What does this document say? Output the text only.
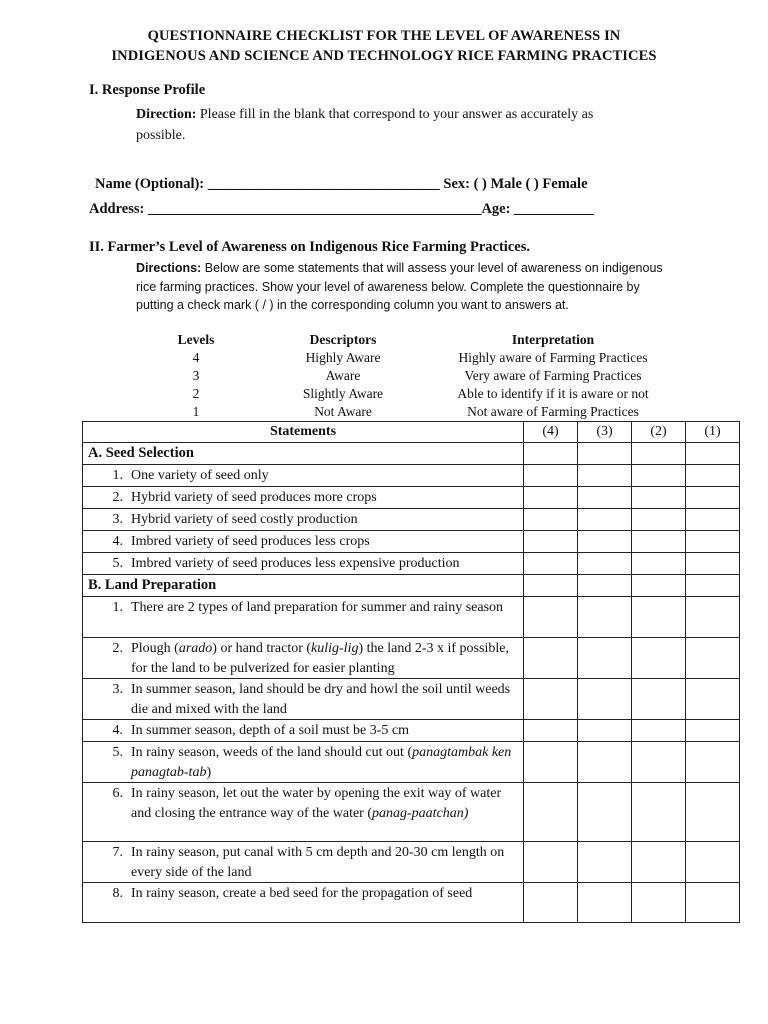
QUESTIONNAIRE CHECKLIST FOR THE LEVEL OF AWARENESS IN
INDIGENOUS AND SCIENCE AND TECHNOLOGY RICE FARMING PRACTICES
I. Response Profile
Direction: Please fill in the blank that correspond to your answer as accurately as possible.
Name (Optional): ________________________________ Sex: ( ) Male ( ) Female
Address: ______________________________________________Age: ___________
II. Farmer’s Level of Awareness on Indigenous Rice Farming Practices.
Directions: Below are some statements that will assess your level of awareness on indigenous rice farming practices. Show your level of awareness below. Complete the questionnaire by putting a check mark ( / ) in the corresponding column you want to answers at.
Levels	Descriptors	Interpretation
4	Highly Aware	Highly aware of Farming Practices
3	Aware	Very aware of Farming Practices
2	Slightly Aware	Able to identify if it is aware or not
1	Not Aware	Not aware of Farming Practices
Statements	(4)	(3)	(2)	(1)
A. Seed Selection				

1. One variety of seed only				

2. Hybrid variety of seed produces more crops				

3. Hybrid variety of seed costly production				

4. Imbred variety of seed produces less crops				

5. Imbred variety of seed produces less expensive production				

B. Land Preparation				

1. There are 2 types of land preparation for summer and rainy season				

2. Plough (arado) or hand tractor (kulig-lig) the land 2-3 x if possible, for the land to be pulverized for easier planting				

3. In summer season, land should be dry and howl the soil until weeds die and mixed with the land				

4. In summer season, depth of a soil must be 3-5 cm				

5. In rainy season, weeds of the land should cut out (panagtambak ken panagtab-tab)				

6. In rainy season, let out the water by opening the exit way of water and closing the entrance way of the water (panag-paatchan)				

7. In rainy season, put canal with 5 cm depth and 20-30 cm length on every side of the land				

8. In rainy season, create a bed seed for the propagation of seed				
